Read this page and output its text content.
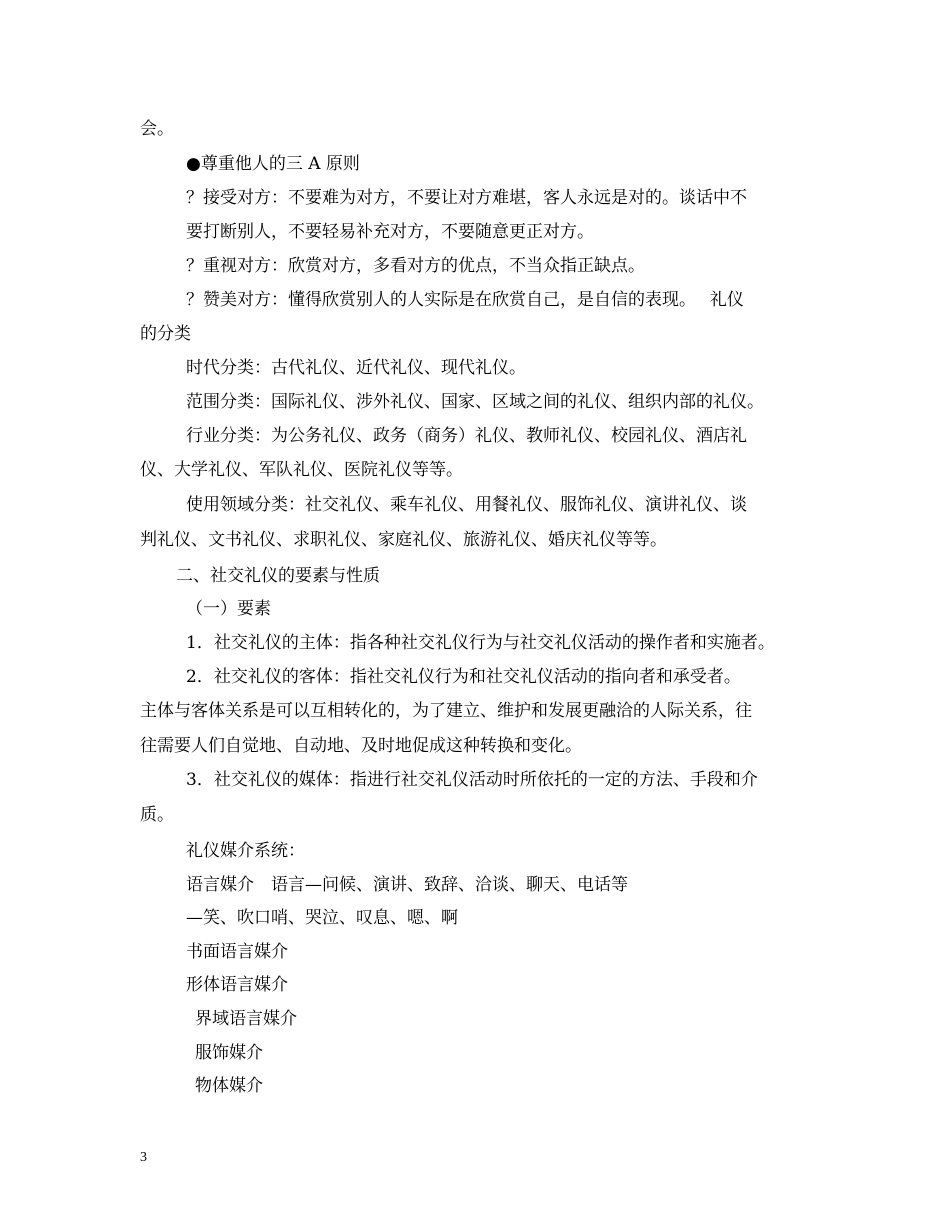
会。
●尊重他人的三 A 原则
？接受对方：不要难为对方，不要让对方难堪，客人永远是对的。谈话中不
要打断别人，不要轻易补充对方，不要随意更正对方。
？重视对方：欣赏对方，多看对方的优点，不当众指正缺点。
？赞美对方：懂得欣赏别人的人实际是在欣赏自己，是自信的表现。　 礼仪
的分类
时代分类：古代礼仪、近代礼仪、现代礼仪。
范围分类：国际礼仪、涉外礼仪、国家、区域之间的礼仪、组织内部的礼仪。
行业分类：为公务礼仪、政务（商务）礼仪、教师礼仪、校园礼仪、酒店礼
仪、大学礼仪、军队礼仪、医院礼仪等等。
使用领域分类：社交礼仪、乘车礼仪、用餐礼仪、服饰礼仪、演讲礼仪、谈
判礼仪、文书礼仪、求职礼仪、家庭礼仪、旅游礼仪、婚庆礼仪等等。
二、社交礼仪的要素与性质
（一）要素
1．社交礼仪的主体：指各种社交礼仪行为与社交礼仪活动的操作者和实施者。
2．社交礼仪的客体：指社交礼仪行为和社交礼仪活动的指向者和承受者。
主体与客体关系是可以互相转化的，为了建立、维护和发展更融洽的人际关系，往
往需要人们自觉地、自动地、及时地促成这种转换和变化。
3．社交礼仪的媒体：指进行社交礼仪活动时所依托的一定的方法、手段和介
质。
礼仪媒介系统：
语言媒介　语言—问候、演讲、致辞、洽谈、聊天、电话等
—笑、吹口哨、哭泣、叹息、嗯、啊
书面语言媒介
形体语言媒介
界域语言媒介
服饰媒介
物体媒介
3
